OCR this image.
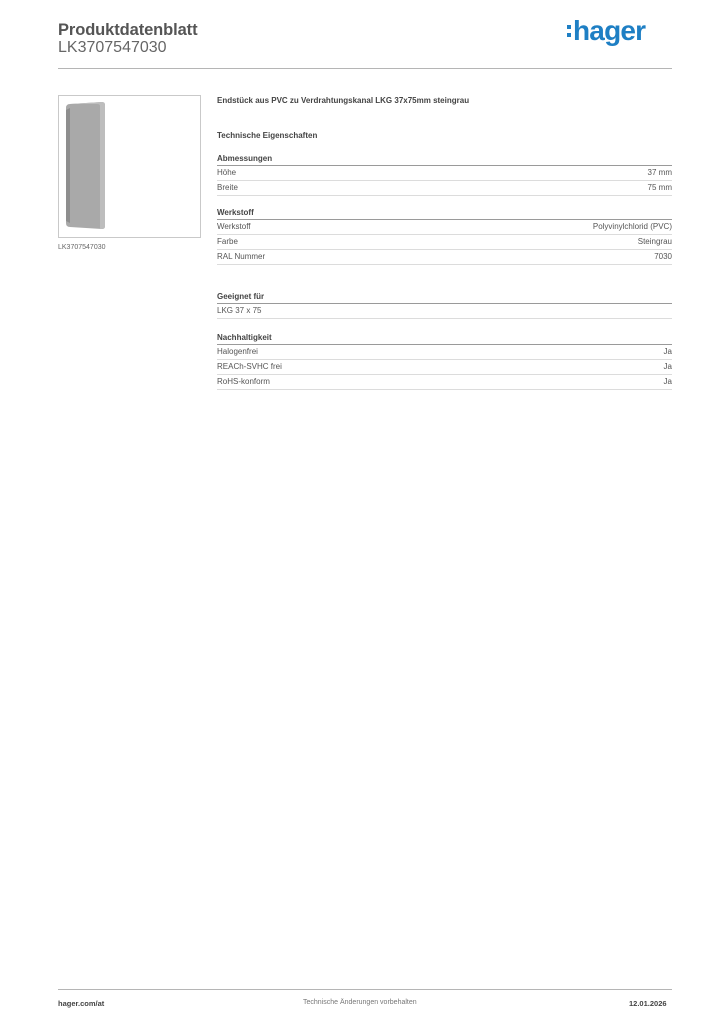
Produktdatenblatt
LK3707547030
hager
LK3707547030
Endstück aus PVC zu Verdrahtungskanal LKG 37x75mm steingrau
Technische Eigenschaften
Abmessungen
Höhe	37 mm
Breite	75 mm
Werkstoff
Werkstoff	Polyvinylchlorid (PVC)
Farbe	Steingrau
RAL Nummer	7030
Geeignet für
LKG 37 x 75
Nachhaltigkeit
Halogenfrei	Ja
REACh-SVHC frei	Ja
RoHS-konform	Ja
hager.com/at	Technische Änderungen vorbehalten	12.01.2026
